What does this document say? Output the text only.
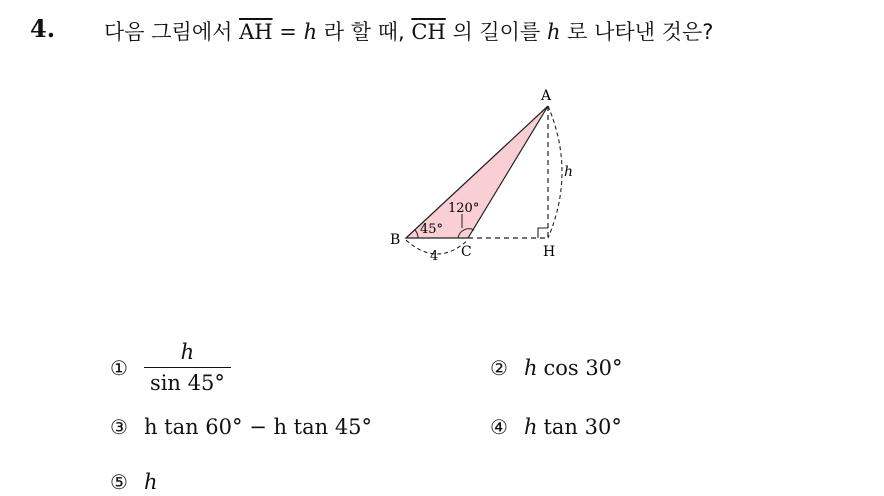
4. 다음 그림에서 $\overline{AH} = h$ 라 할 때, $\overline{CH}$ 의 길이를 h 로 나타낸 것은?
A
B
C	H
45°
120°
4
h
① $\frac{h}{\sin 45^\circ}$	② h cos 30°
③ h tan 60° − h tan 45°	④ h tan 30°
⑤ h
